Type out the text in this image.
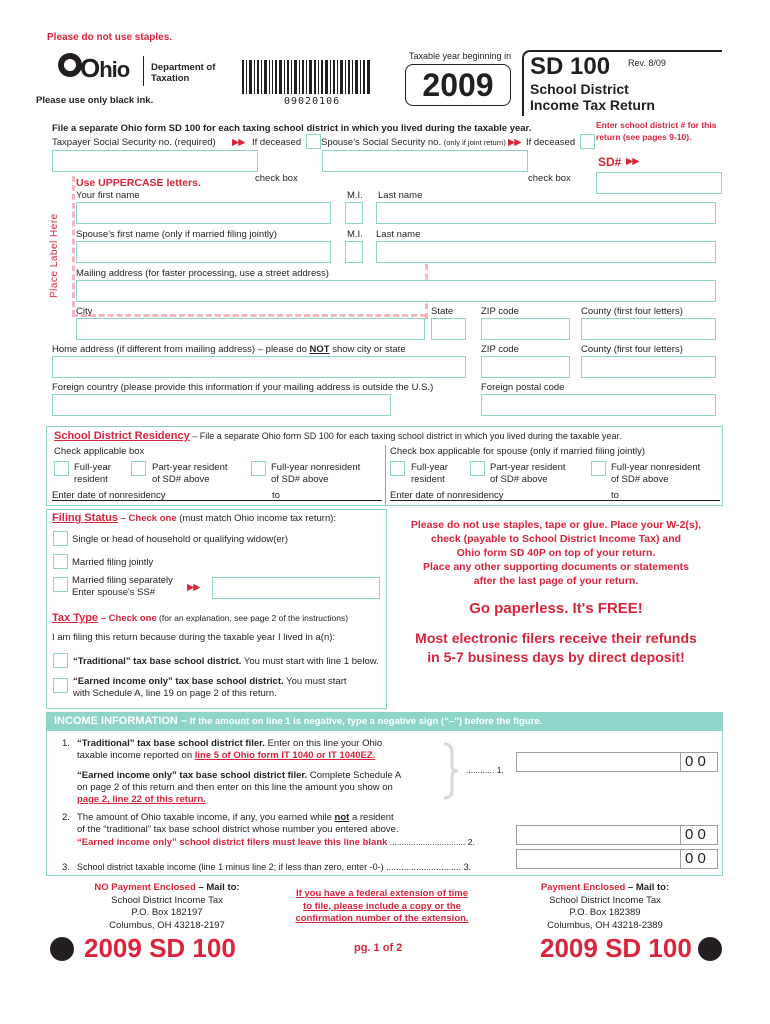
Please do not use staples.
Ohio Department of
Taxation
Please use only black ink.	09020106
Taxable year beginning in
2009
SD 100 Rev. 8/09
School District
Income Tax Return
File a separate Ohio form SD 100 for each taxing school district in which you lived during the taxable year.
Taxpayer Social Security no. (required) ▶▶ If deceased Spouse's Social Security no. (only if joint return) ▶▶ If deceased
check box	check box
Enter school district # for this return (see pages 9-10).
SD# ▶▶
Place Label Here
Use UPPERCASE letters.
Your first name	M.I. Last name
Spouse's first name (only if married filing jointly)	M.I. Last name
Mailing address (for faster processing, use a street address)
City	State	ZIP code	County (first four letters)
Home address (if different from mailing address) – please do NOT show city or state	ZIP code	County (first four letters)
Foreign country (please provide this information if your mailing address is outside the U.S.)	Foreign postal code
School District Residency – File a separate Ohio form SD 100 for each taxing school district in which you lived during the taxable year.
Check applicable box	Check box applicable for spouse (only if married filing jointly)
Full-year
resident
Part-year resident
of SD# above
Full-year nonresident
of SD# above
Enter date of nonresidency	to
Full-year
resident
Part-year resident
of SD# above
Full-year nonresident
of SD# above
Enter date of nonresidency	to
Filing Status – Check one (must match Ohio income tax return):
Single or head of household or qualifying widow(er)
Married filing jointly
Married filing separately
Enter spouse's SS#	▶▶
Tax Type – Check one (for an explanation, see page 2 of the instructions)
I am filing this return because during the taxable year I lived in a(n):
“Traditional” tax base school district. You must start with line 1 below.
“Earned income only” tax base school district. You must start
with Schedule A, line 19 on page 2 of this return.
Please do not use staples, tape or glue. Place your W-2(s),
check (payable to School District Income Tax) and
Ohio form SD 40P on top of your return.
Place any other supporting documents or statements
after the last page of your return.
Go paperless. It's FREE!
Most electronic filers receive their refunds
in 5-7 business days by direct deposit!
INCOME INFORMATION – If the amount on line 1 is negative, type a negative sign (“–”) before the figure.
1. “Traditional” tax base school district filer. Enter on this line your Ohio
taxable income reported on line 5 of Ohio form IT 1040 or IT 1040EZ.
“Earned income only” tax base school district filer. Complete Schedule A
on page 2 of this return and then enter on this line the amount you show on
page 2, line 22 of this return.
............ 1.	0 0
2. The amount of Ohio taxable income, if any, you earned while not a resident
of the “traditional” tax base school district whose number you entered above.
“Earned income only” school district filers must leave this line blank ................................ 2.	0 0
3. School district taxable income (line 1 minus line 2; if less than zero, enter -0-) .............................. 3.	0 0
NO Payment Enclosed – Mail to:
School District Income Tax
P.O. Box 182197
Columbus, OH 43218-2197
If you have a federal extension of time
to file, please include a copy or the
confirmation number of the extension.
Payment Enclosed – Mail to:
School District Income Tax
P.O. Box 182389
Columbus, OH 43218-2389
2009 SD 100	pg. 1 of 2	2009 SD 100
